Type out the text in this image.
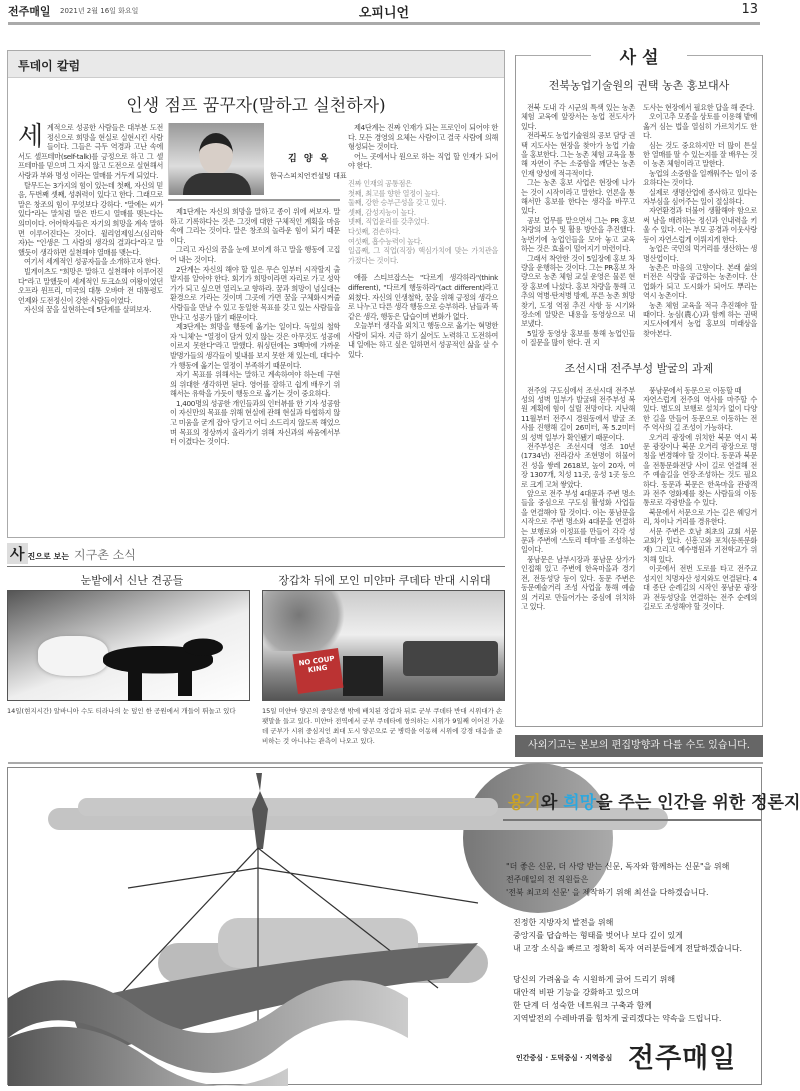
전주매일 2021년 2월 16일 화요일	오피니언	13
투데이 칼럼
인생 점프 꿈꾸자(말하고 실천하자)
세 계적으로 성공한 사람들은 대부분 도전정신으로 희망을 현실로 실현시킨 사람들이다. 그들은 극두 역경과 고난 속에서도 셀프테마(self-talk)를 긍정으로 하고 그 셀프테마를 믿으며 그 자지 않고 도전으로 실현해서 사랑과 부와 명성 이라는 열매를 거두게 되었다.

탈무드는 3가지의 힘이 있는데 첫째, 자신의 믿음, 두번째 셋째, 성취력이 있다고 한다. 그래므로 말은 창조의 힘이 무엇보다 강하다. "말에는 씨가 있다"라는 말처럼 말은 반드시 열매를 맺는다는 의미이다. 어어학자들은 자기의 희망을 계속 말하면 이루어진다는 것이다. 윌리엄제임스(심리학자)는 "인생은 그 사람의 생각의 결과다"라고 말했듯이 생각하면 실천해야 열매를 맺는다.

여기서 세계적인 성공자들을 소개하고자 한다.

빌게이츠도 "희망은 말하고 실천해야 이루어진다"라고 말했듯이 세계적인 토크쇼의 여왕이였던 오프라 윈프리, 미국의 대통 오바마 전 대통령도 언제와 도전정신이 강한 사람들이였다.

자신의 꿈을 실현하는데 5단계를 살펴보자.

김 양 옥
한국스피치언컨설팅 대표

제1단계는 자신의 희망을 말하고 종이 위에 써보자. 말하고 기록하다는 것은 그것에 대한 구체적인 계획을 마음속에 그리는 것이다. 말은 창조의 놀라운 힘이 되기 때문이다.

그리고 자신의 꿈을 눈에 보이게 하고 말을 행동에 고집어 내는 것이다.

2단계는 자신의 해야 할 일은 무슨 일부터 시작할지 출발지를 알아야 한다. 회기가 희망이라면 자리로 가고 성악가가 되고 싶으면 열리노교 향하라. 꿈과 희망이 넘실대는 환경으로 가라는 것이며 그곳에 가면 꿈을 구체화시켜줄 사람들을 만날 수 있고 동일한 목표를 갖고 있는 사람들을 만나고 성공가 많기 때문이다.

제3단계는 희망을 행동에 옮기는 일이다. 독일의 철학자 '니체'는 "열정이 담겨 있지 않는 것은 아무것도 성공에 이르지 못한다"라고 말했다. 워싱턴에는 3백마에 가까운 발명가들의 생각들이 빛내를 보지 못한 채 있는데, 대다수가 행동에 옮기는 열정이 부족하기 때문이다.

자기 목표를 위해서는 말하고 계속하여야 하는데 구현의 위대한 생각하면 된다. 영어를 잘하고 쉽게 배우기 위해서는 유학을 가듯이 행동으로 옮기는 것이 중요하다.

1,400명의 성공한 개인들과의 인터뷰를 한 기자 성공함이 자신만의 목표를 위해 현실에 관해 현실과 타협하지 않고 미움을 굳게 잡아 당기고 어디 소드리지 않도록 해었으며 목표의 정상까지 올라가기 위해 자신과의 싸움에서부터 이겼다는 것이다.

제4단계는 진짜 인재가 되는 프로인이 되어야 한다. 모든 경영의 요체는 사람이고 결국 사람에 의해 형성되는 것이다.

어느 곳에서나 원으로 하는 직업 할 인재가 되어야 한다.

진짜 인재의 공통점은
첫째, 최고를 향한 열정이 높다.
둘째, 강한 승부근성을 갖고 있다.
셋째, 감성지능이 높다.
넷째, 직업윤리를 갖추었다.
다섯째, 겸손하다.
여섯째, 흡수능력이 높다.
일곱째, 그 직업(직장) 핵심가치에 맞는 가치관을 가졌다는 것이다.

애플 스티브잡스는 "다르게 생각하라"(think different), "다르게 행동하라"(act different)라고 외쳤다. 자신의 인생철학, 꿈을 위해 긍정의 생각으로 나누고 다른 생각 행동으로 승부하라. 남들과 똑같은 생각, 행동은 답습이며 변화가 없다.

오늘부터 생각을 외치고 행동으로 옮기는 혁명한 사람이 되자. 지금 하기 싫어도 노력하고 도전하여 내 일에는 하고 싶은 일하면서 성공적인 삶을 살 수 있다.

사 설
전북농업기술원의 권택 농촌 홍보대사

전북 도내 각 시군의 특색 있는 농촌 체험 교육에 앞장서는 농업 전도사가 있다.

전라북도 농업기술원의 공보 담당 권택 지도사는 현장을 찾아가 농업 기술을 홍보한다. 그는 농촌 체험 교육을 통해 자연이 주는 소중함을 깨닫는 농촌 인재 양성에 적극적이다.

그는 농촌 홍보 사업은 현장에 나가는 것이 시작이라고 말한다. 언론을 통해서만 홍보를 한다는 생각을 바꾸고 있다.

공보 업무를 맡으면서 그는 PR 홍보 차량의 보수 및 활용 방안을 추진했다. 농번기에 농업인들을 모아 놓고 교육하는 것은 효율이 떨어지기 마련이다.

그래서 착안한 것이 5일장에 홍보 차량을 운행하는 것이다. 그는 PR홍보 차량으로 농촌 체험 교실 운영은 물론 현장 홍보에 나섰다. 홍보 차량을 통해 고추의 역병·탄저병 방제, 푸른 농촌 희망 찾기, 도정 역점 추진 사항 등 시기와 장소에 알맞은 내용을 동영상으로 내 보냈다.

5일장 동영상 홍보를 통해 농업인들이 질문을 많이 한다. 권 지

도사는 현장에서 필요한 답을 해 준다.

오이고추 모종을 상토를 이용해 밭에 옮겨 심는 법을 열심히 가르치기도 한다.

심는 것도 중요하지만 더 많이 튼실한 열매를 딸 수 있는지를 잘 배우는 것이 농촌 체험이라고 말한다.

농업의 소중함을 일깨워주는 일이 중요하다는 것이다.

실제로 생명산업에 종사하고 있다는 자부심을 심어주는 일이 절실하다.

자연환경과 더불어 생활해야 함으로써 남을 배려하는 정신과 인내력을 키울 수 있다. 이는 부모 공경과 이웃사랑 등이 자연스럽게 이뤄지게 한다.

농업은 국민의 먹거리를 생산하는 생명산업이다.

농촌은 마음의 고향이다. 본래 삶의 터전은 식량을 공급하는 농촌이다. 산업화가 되고 도시화가 되어도 뿌리는 역시 농촌이다.

농촌 체험 교육을 적극 추진해야 할 때이다. 농심(農心)과 함께 하는 권택 지도사에게서 농업 홍보의 미래상을 찾아본다.

조선시대 전주부성 발굴의 과제

전주의 구도심에서 조선시대 전주부성의 성벽 일부가 발굴돼 전주부성 복원 계획에 힘이 실릴 전망이다. 지난해 11월부터 전주시 경원동에서 발굴 조사를 진행해 길이 26미터, 폭 5.2미터의 성벽 일부가 확인됐기 때문이다.

전주부성은 조선시대 영조 10년(1734년) 전라감사 조현명이 허물어진 성을 쌓레 2618보, 높이 20자, 여장 1307개, 치성 11곳, 옹성 1곳 등으로 크게 고쳐 쌓았다.

앞으로 전주 부성 4대문과 주변 명소들을 중심으로 구도심 활성화 사업들을 연결해야 할 것이다. 이는 풍남문을 시작으로 주변 명소와 4대문을 연결하는 보행로와 이정표를 만들어 각각 성문과 주변에 '스토리 테마'를 조성하는 일이다.

풍남문은 남부시장과 풍남문 상가가 인접해 있고 주변에 한옥마을과 경기전, 전동성당 등이 있다. 동문 주변은 동문예술거리 조성 사업을 통해 예술의 거리로 만들어가는 중심에 위치하고 있다.

풍남문에서 동문으로 이동할 때

자연스럽게 전주의 역사를 마주할 수 있다. 별도의 보행로 설치가 없이 다양한 길을 만들어 동문으로 이동하는 전주 역사의 길 조성이 가능하다.

오거리 광장에 위치한 북문 역시 북문 광장이나 북문 오거리 광장으로 명칭을 변경해야 할 것이다. 동문과 북문을 전통문화전당 사이 길로 연결해 전주 예술길을 연장·조성하는 것도 필요하다. 동문과 북문은 한옥마을 관광객과 전주 영화제를 찾는 사람들의 이동 통로로 각광받을 수 있다.

북문에서 서문으로 가는 길은 웨딩거리, 차이나 거리를 경유한다.

서문 주변은 호남 최초의 교회 서문교회가 있다. 신흥고와 포치(등록문화재) 그리고 예수병원과 기전학교가 위치해 있다.

이곳에서 전번 도로를 타고 전주교 성지인 치명자산 성지와도 연결된다. 4대 종단 순례길의 시작인 풍남문 광장과 전동성당을 연결하는 전주 순례의 길로도 조성해야 할 것이다.

사외기고는 본보의 편집방향과 다를 수도 있습니다.
사 진으로 보는 지구촌 소식
눈밭에서 신난 견공들	장갑차 뒤에 모인 미얀마 쿠데타 반대 시위대
14일(현지시간) 알바니아 수도 티라나의 눈 덮인 한 공원에서 개들이 뛰놀고 있다
NO COUP KING
15일 미얀마 양곤의 중앙은행 밖에 배치된 장갑차 뒤로 군부 쿠데타 반대 시위대가 손팻말을 들고 있다. 미얀마 전역에서 군부 쿠데타에 항의하는 시위가 9일째 이어진 가운데 군부가 시위 중심지인 최대 도시 양곤으로 군 병력을 이동해 시위에 강경 대응을 준비하는 것 아니냐는 관측이 나오고 있다.
용기와 희망을 주는 인간을 위한 정론지
"더 좋은 신문, 더 사랑 받는 신문, 독자와 함께하는 신문"을 위해
전주매일의 전 직원들은
'전북 최고의 신문' 을 제작하기 위해 최선을 다하겠습니다.
진정한 지방자치 발전을 위해
중앙지를 답습하는 형태를 벗어나 보다 깊이 있게
내 고장 소식을 빠르고 정확히 독자 여러분들에게 전달하겠습니다.
당신의 가려움을 속 시원하게 긁어 드리기 위해
대안적 비판 기능을 강화하고 있으며
한 단계 더 성숙한 네트워크 구축과 함께
지역발전의 수레바퀴를 힘차게 굴리겠다는 약속을 드립니다.
인간중심 · 도덕중심 · 지역중심 전주매일
